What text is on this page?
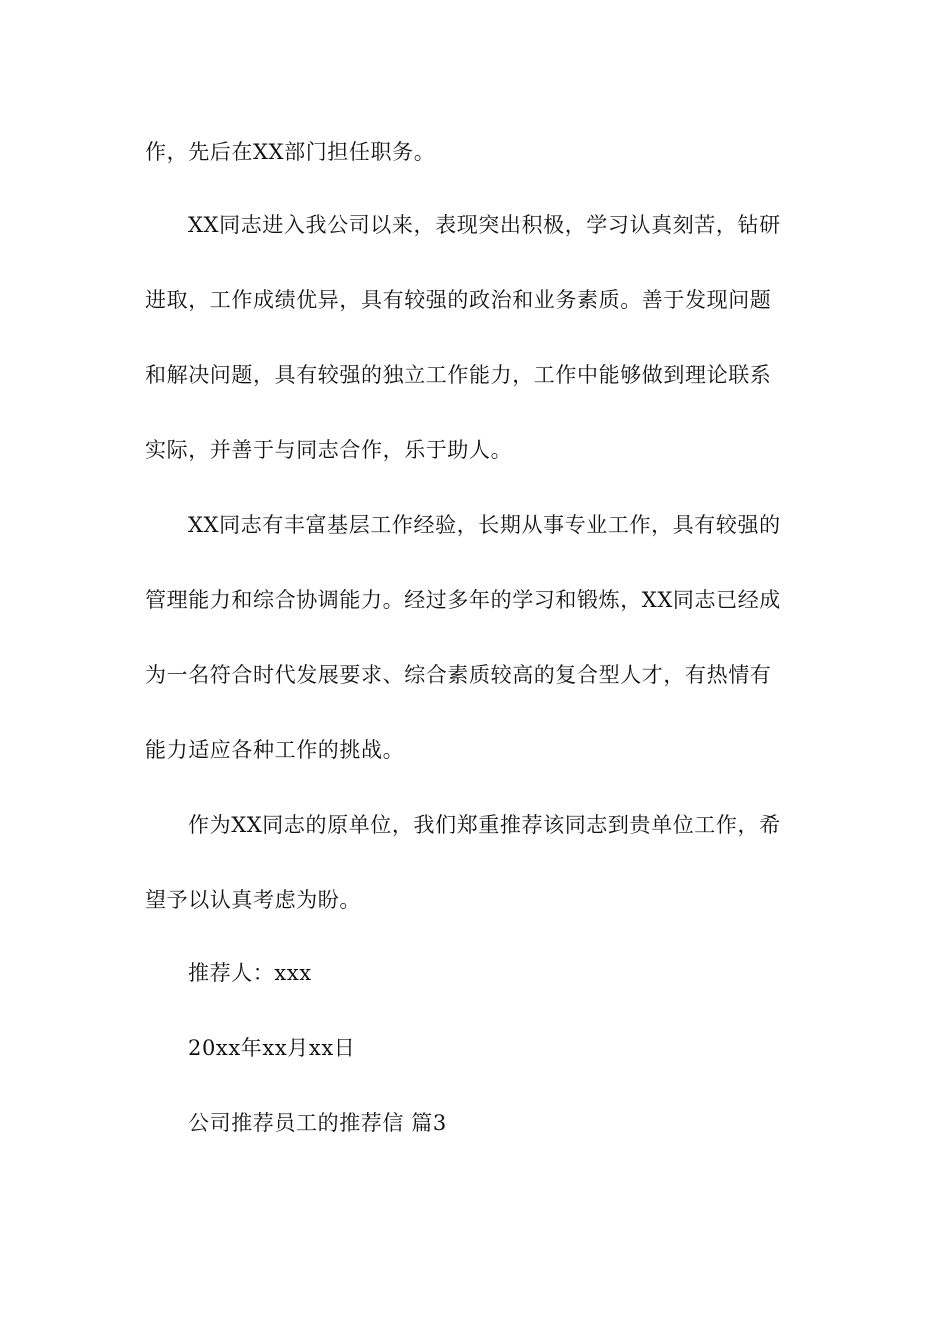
作，先后在XX部门担任职务。
XX同志进入我公司以来，表现突出积极，学习认真刻苦，钻研
进取，工作成绩优异，具有较强的政治和业务素质。善于发现问题
和解决问题，具有较强的独立工作能力，工作中能够做到理论联系
实际，并善于与同志合作，乐于助人。
XX同志有丰富基层工作经验，长期从事专业工作，具有较强的
管理能力和综合协调能力。经过多年的学习和锻炼，XX同志已经成
为一名符合时代发展要求、综合素质较高的复合型人才，有热情有
能力适应各种工作的挑战。
作为XX同志的原单位，我们郑重推荐该同志到贵单位工作，希
望予以认真考虑为盼。
推荐人：xxx
20xx年xx月xx日
公司推荐员工的推荐信 篇3
